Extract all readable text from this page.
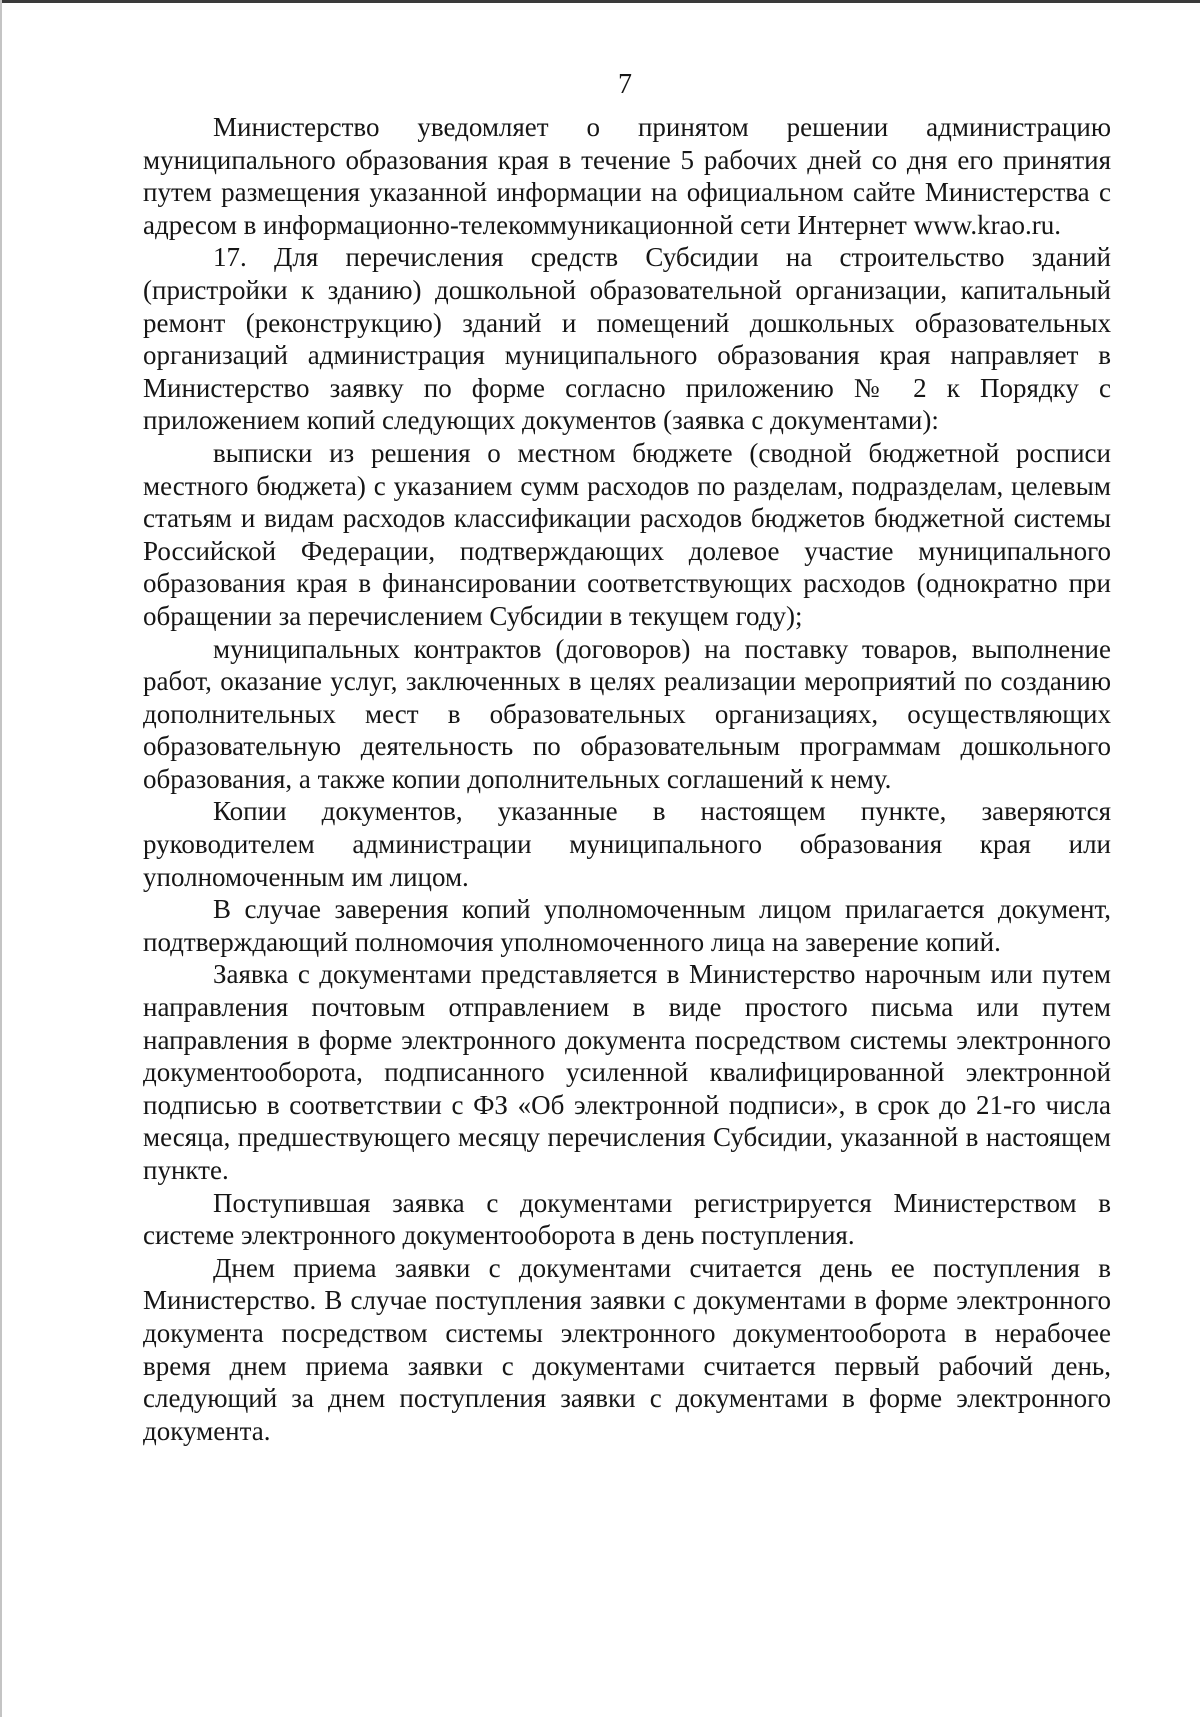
7

Министерство уведомляет о принятом решении администрацию муниципального образования края в течение 5 рабочих дней со дня его принятия путем размещения указанной информации на официальном сайте Министерства с адресом в информационно-телекоммуникационной сети Интернет www.krao.ru.

17. Для перечисления средств Субсидии на строительство зданий (пристройки к зданию) дошкольной образовательной организации, капитальный ремонт (реконструкцию) зданий и помещений дошкольных образовательных организаций администрация муниципального образования края направляет в Министерство заявку по форме согласно приложению № 2 к Порядку с приложением копий следующих документов (заявка с документами):

выписки из решения о местном бюджете (сводной бюджетной росписи местного бюджета) с указанием сумм расходов по разделам, подразделам, целевым статьям и видам расходов классификации расходов бюджетов бюджетной системы Российской Федерации, подтверждающих долевое участие муниципального образования края в финансировании соответствующих расходов (однократно при обращении за перечислением Субсидии в текущем году);

муниципальных контрактов (договоров) на поставку товаров, выполнение работ, оказание услуг, заключенных в целях реализации мероприятий по созданию дополнительных мест в образовательных организациях, осуществляющих образовательную деятельность по образовательным программам дошкольного образования, а также копии дополнительных соглашений к нему.

Копии документов, указанные в настоящем пункте, заверяются руководителем администрации муниципального образования края или уполномоченным им лицом.

В случае заверения копий уполномоченным лицом прилагается документ, подтверждающий полномочия уполномоченного лица на заверение копий.

Заявка с документами представляется в Министерство нарочным или путем направления почтовым отправлением в виде простого письма или путем направления в форме электронного документа посредством системы электронного документооборота, подписанного усиленной квалифицированной электронной подписью в соответствии с ФЗ «Об электронной подписи», в срок до 21-го числа месяца, предшествующего месяцу перечисления Субсидии, указанной в настоящем пункте.

Поступившая заявка с документами регистрируется Министерством в системе электронного документооборота в день поступления.

Днем приема заявки с документами считается день ее поступления в Министерство. В случае поступления заявки с документами в форме электронного документа посредством системы электронного документооборота в нерабочее время днем приема заявки с документами считается первый рабочий день, следующий за днем поступления заявки с документами в форме электронного документа.
